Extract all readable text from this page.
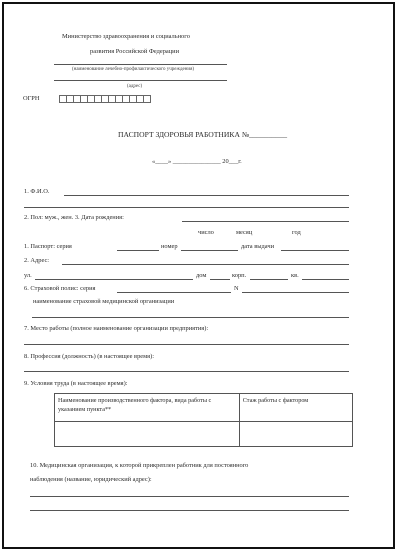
Министерство здравоохранения и социального
развития Российской Федерации
(наименование лечебно-профилактического учреждения)
(адрес)
ОГРН
ПАСПОРТ ЗДОРОВЬЯ РАБОТНИКА №__________
«____» _______________ 20___г.
1. Ф.И.О.
2. Пол: муж., жен. 3. Дата рождения:
число	месяц	год
1. Паспорт: серия	номер	дата выдачи
2. Адрес:
ул.	дом	корп.	кв.
6. Страховой полис: серия	N
наименование страховой медицинской организации
7. Место работы (полное наименование организации предприятия):
8. Профессия (должность) (в настоящее время):
9. Условия труда (в настоящее время):
Наименование производственного фактора, вида работы с указанием пункта**	Стаж работы с фактором

10. Медицинская организация, к которой прикреплен работник для постоянного
наблюдения (название, юридический адрес):
